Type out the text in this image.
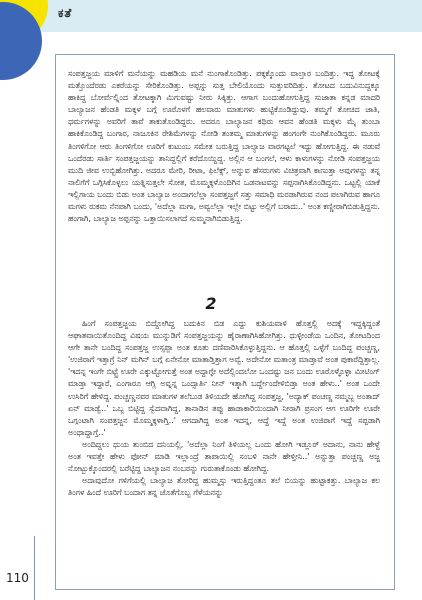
ಕತೆ

ಸಂಪತ್ತಜ್ಜಯ ಮಾಳಿಗೆ ಮನೆಯನ್ನು ಮಹಡಿಯ ಮನೆ ನುಂಗಾಕೊಂಡಿತ್ತು. ಪಕ್ಕಕ್ಕೊಂದು ವಾಲ್ತಾರ ಬಂದಿತ್ತು. ಇದ್ದ ತೋಟಕ್ಕೆ ಮತ್ತೊಂದೆರಡು ಎಕರೆಯನ್ನು ಸೇರಿಕೊಂಡಿತ್ತು. ಅಪ್ಪನ್ನು ಸುತ್ತ ಬೇಲಿಯೊಂದು ಸುತ್ತುವರಿದಿತ್ತು. ತೋಟದ ಬದುವಿನುದ್ದಕ್ಕೂ ಹಾಕಿದ್ದ ಬೋರ್ವೆಲ್ನಿಂದ ತೋಟಕ್ಕಾಗಿ ಮಿಗುವಷ್ಟು ನೀರು ಸಿಕ್ಕಿತ್ತು. ಆಗಾಗ ಬಂದುಹೋಗುತ್ತಿದ್ದ ಸುಜಾತಾ ಕನ್ನಡ ಮಾದರಿ ಬಾಲ್ಯಾಜನ ಹೆಂಡತಿ ಮಕ್ಕಳ ಬಗ್ಗೆ ಊರೊಳಗೆ ಹಲವಾರು ಮಾತುಗಳು ಹುಟ್ಟಿಕೊಂಡಿದ್ದುವು. ತಮ್ಮಗೆ ತೋಚಿದ ಜಾತಿ, ಧರ್ಮಗಳನ್ನು ಅವರಿಗೆ ತಾವೆ ತಾಕುತೊಂಡಿದ್ದರು. ಅದರೂ ಬಾಲ್ಯಾಜನ ಕಥಿರು ಆವನ ಹೆಂಡತಿ ಮಕ್ಕಳು ಮೈ ತುಂಬಾ ಹಾಕಿಕೊಂಡಿದ್ದ ಬಂಗಾರ, ನಾಜೂಕಿನ ರೇಶಿಮೆಗಳನ್ನು ನೋಡಿ ತಂತಮ್ಮ ಮಾತುಗಳನ್ನು ಹಂಗಂಗೇ ನುಂಗಿಕೊಂಡಿದ್ದರು. ಮೂರು ತಿಂಗಳಿಗೋ ಆರು ತಿಂಗಳಿಗೋ ಊರಿಗೆ ಕುಟುಂಬ ಸಮೇತ ಬರುತ್ತಿದ್ದ ಬಾಲ್ಯಾಜ ವಾರಗಟ್ಟಲೆ ಇದ್ದು ಹೋಗುತ್ತಿದ್ದ. ಈ ನಡುವೆ ಒಂದೆರಡು ಸಾರ್ತಿ ಸಂಪತ್ತಜ್ಜಯನ್ನು ತಾನಿದ್ದಲ್ಲಿಗೆ ಕರೆದೊಯ್ದಿದ್ದ. ಅಲ್ಲಿನ ಆ ಬಂಗಲೆ, ಆಳು ಕಾಳುಗಳನ್ನು ನೋಡಿ ಸಂಪತ್ತಜ್ಜಯ ಮುದಿ ಜೀವ ಉಬ್ಬಿಹೋಗಿತ್ತು. ಅದರೂ ಮೇರಿ, ರೀಟಾ, ಫಿಲೆಕ್ಸ್, ಅನ್ನುವ ಹೆಸರುಗಳು ವಿಚಿತ್ರವಾಗಿ ಕಾಣುತ್ತಾ ಅವುಗಳನ್ನು ತನ್ನ ನಾಲಿಗೆಗೆ ಒಗ್ಗಿಸಿಕೊಳ್ಳಲು ಯತ್ನಿಸುತ್ತಲೇ ಸೋತ, ಮೊಮ್ಮಕ್ಕಳೊಂದಿಗಿನ ಒಡನಾಟವನ್ನು ಸಪ್ಪನಾಗಿಸಿಕೊಂಡಿದ್ದನು. ಒಟ್ಟಲ್ಲಿ ಯಾಕೆ ಇಲ್ಲಿಗಾಯ ಬಂದು ಬಿಡು ಅಂತ ಬಾಲ್ಯಾಜ ಅಂದಾಗಲೆಲ್ಲಾ ಸಂಪತ್ತಜ್ಜಗೆ ಸತ್ತು ಸಮಾಧಿ ಮರಡಾಗಿರುವ ನಂದ ಪಲಾಗಿರುವ ಹಾಗೂ ಮಗಳು ರುಕಮ ನೆನಪಾಗಿ ಬಂದು, 'ಅದೆಲ್ಲಾ ಮಗಾ, ಅವ್ವಲೆಲ್ಲಾ ಇಲ್ಲೇ ಬಿಟ್ಟು ಅಲ್ಲಿಗೆ ಬರಾದು..' ಅಂತ ಕಣ್ಣೀರಾಗಿಬಿಡುತ್ತಿದ್ದನು. ಹಂಗಾಗಿ, ಬಾಲ್ಯಾಜ ಅಪ್ಪನನ್ನು ಒತ್ತಾಯಿಸಲಾಗದೆ ಸುಮ್ಮನಾಗಿಬಿಡುತ್ತಿದ್ದ.

2

ಹಿಂಗೆ ಸಂಪತ್ತಜ್ಜಯ ಬಿದ್ದೋಗಿದ್ದ ಬದುಕಿನ ಬಿಡ ಎದ್ದು ಕುಶಿಯವಾಳಿ ಹೊತ್ತಲ್ಲಿ ಅದಕ್ಕೆ ಇದ್ದಕ್ಕಿದ್ದಂತೆ ಆಘಾತವಾಯಿತೊಂದಿದ್ದ ವಿಷಯ ಮುನ್ನುಡಿಗೆ ಸಂಪತ್ತಜ್ಜಯನ್ನು ಹೈರಾಣಾಗಿಸಿಹೋಗಿತ್ತು. ಧುಳ್ಳೀಂಡೆಯ ಒಂದಿನ, ತೋಟದಿಂದ ಆಗೇ ತಾನೇ ಬಂದಿದ್ದ ಸಂಪತ್ತಜ್ಜ ಉಸ್ಸಪ್ಪಾ ಅಂತ ಕೂತು ದಣಿವಾರಿಸಿಕೊಳ್ಳುತ್ತಿದ್ದನು. ಆ ಹೊತ್ತಲ್ಲಿ ಒಳ್ಳೆಗೆ ಬಂದಿದ್ದ ಪಂಚ್ಚಣ್ಣ, 'ಉಜಿರಾಗೆ ಇತ್ತಾಗ್ರೆ ನಿನ್ ಮಗಿನ್ ಬಗ್ಗೆ ಏನೇನೋ ಮಾತಾಡ್ತಿತ್ತಾಗ ಅವ್ವೆ. ಅದೇನೋ ಮತಾಂತ್ರ ಮಾಡ್ತಾವೆ ಅಂತ ಪುಕಾರೆದ್ದಿತ್ತಾಲ್ಲ. 'ಇದನ್ನ ಇಂಗೇ ಬಿಟ್ಟ್ರೆ ಊರೇ ಎಕ್ಕುಟ್ಟೋಗುತ್ತೆ ಅಂತ ಅದ್ದಾಗ್ಳೇ ಅದೆಲ್ಲಿಂದಲೋ ಒಂದಷ್ಟು ಜನ ಬಂದು ಊರೊಳ್ಳೊಳ್ಳಾ ಮೀಟಿಂಗ್ ಮಾಡ್ತಾ ಇದ್ದಾರೆ, ಎಂಗಾರೂ ಆಗ್ಲಿ ಅವ್ನನ್ನ ಒಂದ್ಸಾರ್ತಿ ನೀನ್ ಇತ್ಕಾಗಿ ಬರ್ದ್ದೇಂದೇಳಿಬಿಡ್ತಾ ಅಂತ ಹೇಳು..' ಅಂತ ಒಂದೇ ಉಸಿರಿಗೆ ಹೇಳಿದ್ದ. ಪಂಚ್ಚಣ್ಣನವರ ಮಾತುಗಳ ತಲೆಬುಡ ತಿಳಿಯದೇ ಹೋಗಿದ್ದ ಸಂಪತ್ತಜ್ಜ, 'ಅದ್ಯಾಕ್ ಪಂಚಣ್ಣ ನಮ್ಮಬ್ಬ ಅಂತಾದ್ ಏನ್ ಮಾಡ್ವೆ..' ಒಬ್ಬ ಬಿಟ್ಟಿದ್ದ ಸ್ವೆದವಾಗಿದ್ದ, ತಾನಾಡಿನ ತಪ್ಪು ಹಾಡಾಕಾರಿಯಿಂದಾಗಿ ನೀರಾಗಿ ಪ್ರಸಂಗ ಆಗ ಊರಿಗೇ ಊರೇ ಒಗ್ಗಂಟಾಗಿ ಸಂಪತ್ತಜ್ಜನ ಮೊಮ್ಮಕ್ಕಳಾಗ್ತಿ..' ಆಗದಾಗಿದ್ದ ಅಂತ ಇದನ್ನ, ಆದ್ದೆ ಇದ್ದೆ ಅಂತ ಉಜಿರಾಗೆ ಇದ್ದೆ ಸಪ್ಪಡಾಗಿ ಅಂಥಾದ್ದಾಗ್ತೆ..'

ಅಂದಿದ್ದಲು ಧುಯ ತುಂಬಿದ ದನಿಯಲ್ಲಿ, 'ಅದೆಲ್ಲಾ ನಿಂಗೆ ತಿಳಿಯಲ್ಲ ಒಂದು ಹೋಗಿ ಇಡ್ಲೂರ್ ಅದಾನು, ನಾನು ಹೇಳ್ದೆ ಅಂತ ಇವತ್ತೇ ಹೇಳು ಫೋನ್ ಮಾಡಿ ಇಲ್ಲಾಂದ್ರೆ ತಾಪಾಯಿಲ್ಲಿ ಸಂಬಳಿ ನಾನೇ ಹೇಳ್ತೀನಿ..' ಅನ್ನುತ್ತಾ ಪಂಚ್ಚಣ್ಣ ಅಜ್ಜ ನೋಟ್ಬುಕ್ಕೊಂದರಲ್ಲಿ ಬರೆಟ್ಟಿದ್ದ ಬಾಲ್ಯಾಜನ ನಂಬರನ್ನು ಗುರುತಾಕೊಂಡು ಹೋಗಿದ್ದ.

ಅದಾವುದೋ ಗಳಿಗೆಯಲ್ಲಿ ಬಾಲ್ಯಾಜ ತೋರಿದ್ದ ಹುಮ್ಮಸ್ಸು ಇರುತ್ತಿದ್ದಂತೂ ತಲೆ ಬಿಯನ್ನು ಹುಟ್ಟಾಕತ್ತು. ಬಾಲ್ಯಾಜ ಕಲ ತಿಂಗಳ ಹಿಂದೆ ಊರಿಗೆ ಬಂದಾಗ ತನ್ನ ಜೊತೆಗೊಬ್ಬ ಗೆಳೆಯನನ್ನು

110
